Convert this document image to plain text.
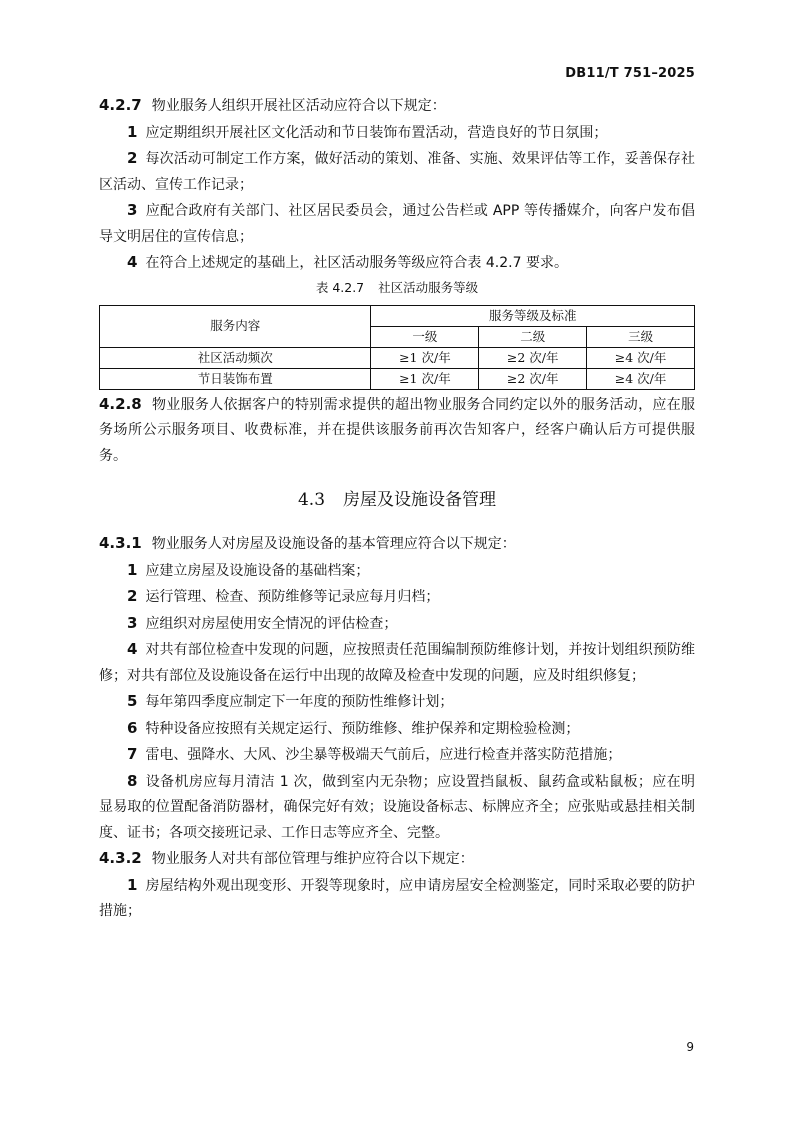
DB11/T 751–2025

4.2.7 物业服务人组织开展社区活动应符合以下规定：

1 应定期组织开展社区文化活动和节日装饰布置活动，营造良好的节日氛围；

2 每次活动可制定工作方案，做好活动的策划、准备、实施、效果评估等工作，妥善保存社区活动、宣传工作记录；

3 应配合政府有关部门、社区居民委员会，通过公告栏或 APP 等传播媒介，向客户发布倡导文明居住的宣传信息；

4 在符合上述规定的基础上，社区活动服务等级应符合表 4.2.7 要求。

表 4.2.7 社区活动服务等级
服务内容	服务等级及标准		
	一级	二级	三级
社区活动频次	≥1 次/年	≥2 次/年	≥4 次/年
节日装饰布置	≥1 次/年	≥2 次/年	≥4 次/年

4.2.8 物业服务人依据客户的特别需求提供的超出物业服务合同约定以外的服务活动，应在服务场所公示服务项目、收费标准，并在提供该服务前再次告知客户，经客户确认后方可提供服务。

4.3 房屋及设施设备管理

4.3.1 物业服务人对房屋及设施设备的基本管理应符合以下规定：

1 应建立房屋及设施设备的基础档案；

2 运行管理、检查、预防维修等记录应每月归档；

3 应组织对房屋使用安全情况的评估检查；

4 对共有部位检查中发现的问题，应按照责任范围编制预防维修计划，并按计划组织预防维修；对共有部位及设施设备在运行中出现的故障及检查中发现的问题，应及时组织修复；

5 每年第四季度应制定下一年度的预防性维修计划；

6 特种设备应按照有关规定运行、预防维修、维护保养和定期检验检测；

7 雷电、强降水、大风、沙尘暴等极端天气前后，应进行检查并落实防范措施；

8 设备机房应每月清洁 1 次，做到室内无杂物；应设置挡鼠板、鼠药盒或粘鼠板；应在明显易取的位置配备消防器材，确保完好有效；设施设备标志、标牌应齐全；应张贴或悬挂相关制度、证书；各项交接班记录、工作日志等应齐全、完整。

4.3.2 物业服务人对共有部位管理与维护应符合以下规定：

1 房屋结构外观出现变形、开裂等现象时，应申请房屋安全检测鉴定，同时采取必要的防护措施；

9
